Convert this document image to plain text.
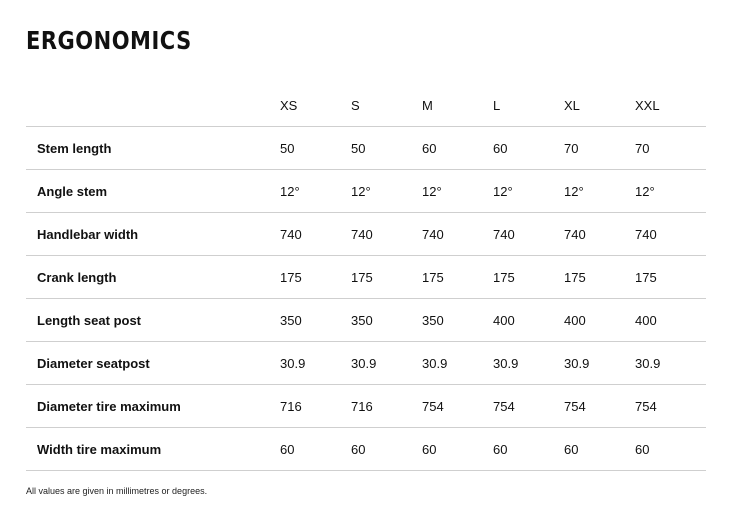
ERGONOMICS
	XS	S	M	L	XL	XXL
Stem length	50	50	60	60	70	70
Angle stem	12°	12°	12°	12°	12°	12°
Handlebar width	740	740	740	740	740	740
Crank length	175	175	175	175	175	175
Length seat post	350	350	350	400	400	400
Diameter seatpost	30.9	30.9	30.9	30.9	30.9	30.9
Diameter tire maximum	716	716	754	754	754	754
Width tire maximum	60	60	60	60	60	60

All values are given in millimetres or degrees.
